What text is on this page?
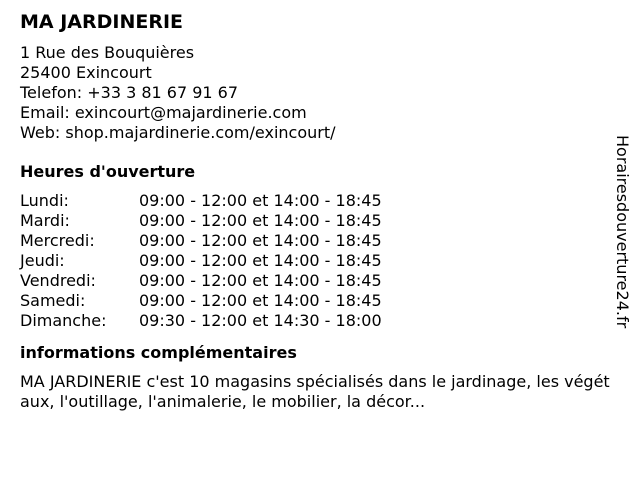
MA JARDINERIE
1 Rue des Bouquières
25400 Exincourt
Telefon: +33 3 81 67 91 67
Email: exincourt@majardinerie.com
Web: shop.majardinerie.com/exincourt/
Heures d'ouverture
Lundi:	09:00 - 12:00 et 14:00 - 18:45
Mardi:	09:00 - 12:00 et 14:00 - 18:45
Mercredi:	09:00 - 12:00 et 14:00 - 18:45
Jeudi:	09:00 - 12:00 et 14:00 - 18:45
Vendredi:	09:00 - 12:00 et 14:00 - 18:45
Samedi:	09:00 - 12:00 et 14:00 - 18:45
Dimanche: 09:30 - 12:00 et 14:30 - 18:00
informations complémentaires

MA JARDINERIE c'est 10 magasins spécialisés dans le jardinage, les végétaux, l'outillage, l'animalerie, le mobilier, la décor...

Horairesdouverture24.fr
